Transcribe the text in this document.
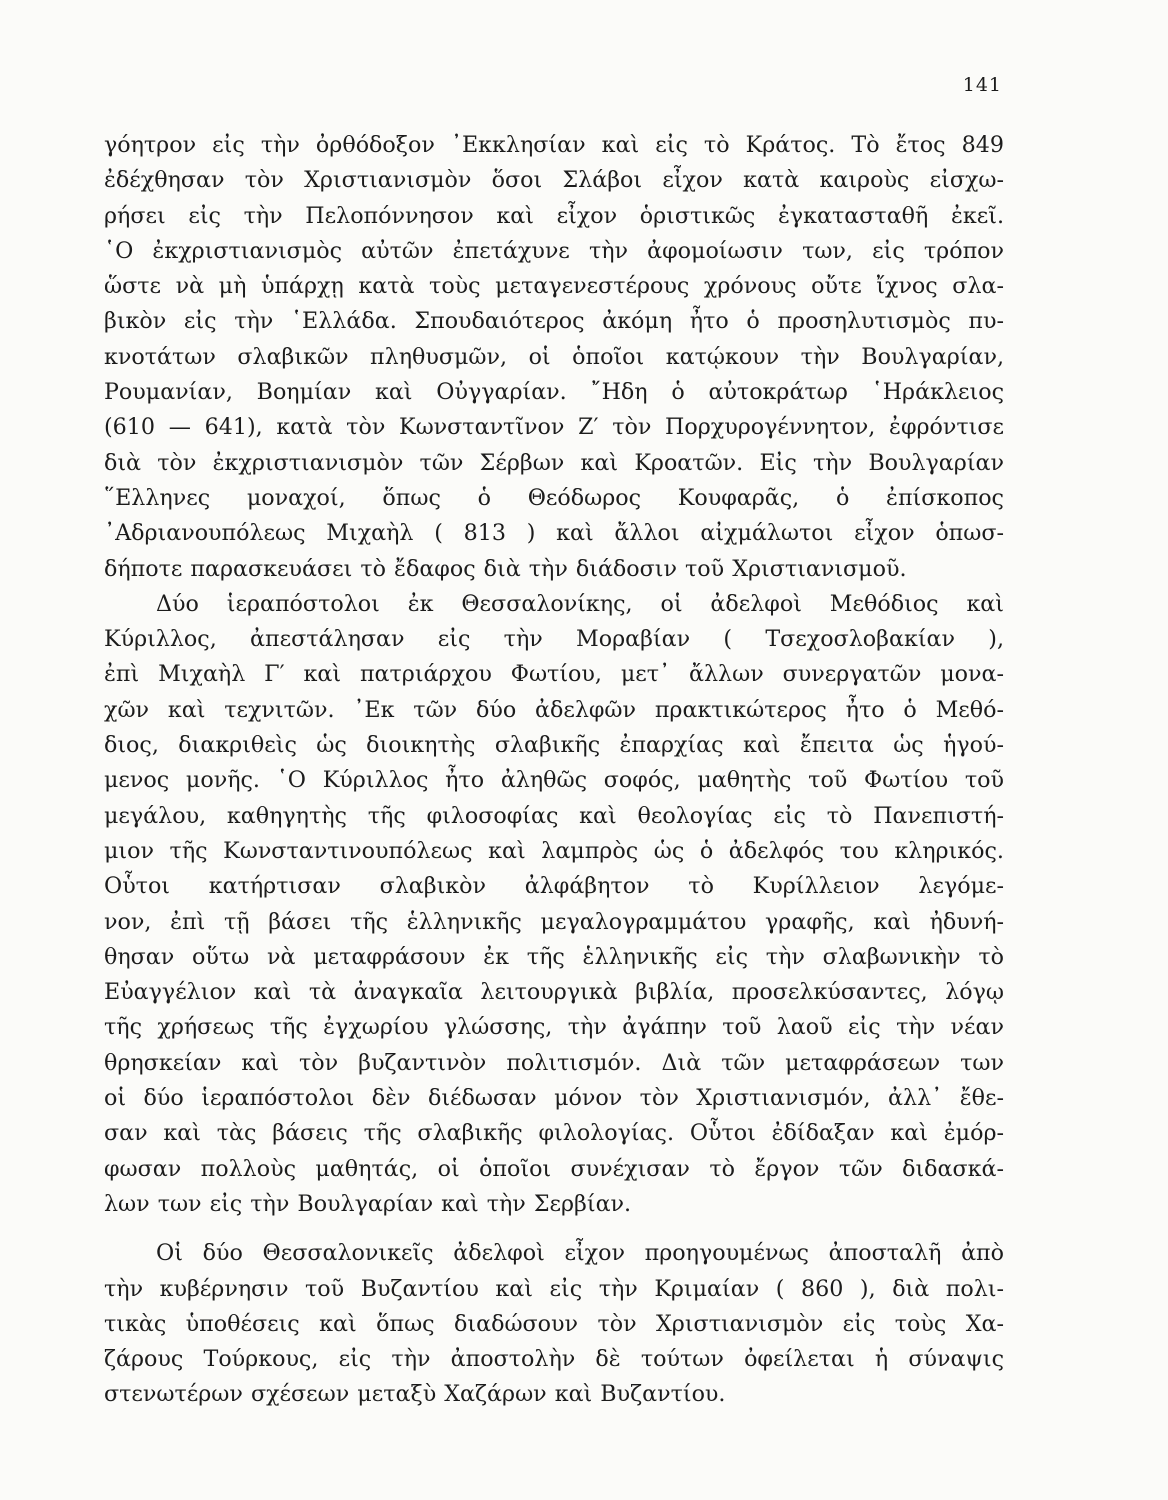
141

γόητρον εἰς τὴν ὀρθόδοξον ᾿Εκκλησίαν καὶ εἰς τὸ Κράτος. Τὸ ἔτος 849
ἐδέχθησαν τὸν Χριστιανισμὸν ὅσοι Σλάβοι εἶχον κατὰ καιροὺς εἰσχω-
ρήσει εἰς τὴν Πελοπόννησον καὶ εἶχον ὁριστικῶς ἐγκατασταθῆ ἐκεῖ.
῾Ο ἐκχριστιανισμὸς αὐτῶν ἐπετάχυνε τὴν ἀφομοίωσιν των, εἰς τρόπον
ὥστε νὰ μὴ ὑπάρχῃ κατὰ τοὺς μεταγενεστέρους χρόνους οὔτε ἴχνος σλα-
βικὸν εἰς τὴν ῾Ελλάδα. Σπουδαιότερος ἀκόμη ἦτο ὁ προσηλυτισμὸς πυ-
κνοτάτων σλαβικῶν πληθυσμῶν, οἱ ὁποῖοι κατῴκουν τὴν Βουλγαρίαν,
Ρουμανίαν, Βοημίαν καὶ Οὐγγαρίαν. ῎Ηδη ὁ αὐτοκράτωρ ῾Ηράκλειος
(610 — 641), κατὰ τὸν Κωνσταντῖνον Ζ′ τὸν Πορχυρογέννητον, ἐφρόντισε
διὰ τὸν ἐκχριστιανισμὸν τῶν Σέρβων καὶ Κροατῶν. Εἰς τὴν Βουλγαρίαν
῞Ελληνες μοναχοί, ὅπως ὁ Θεόδωρος Κουφαρᾶς, ὁ ἐπίσκοπος
᾿Αδριανουπόλεως Μιχαὴλ ( 813 ) καὶ ἄλλοι αἰχμάλωτοι εἶχον ὁπωσ-
δήποτε παρασκευάσει τὸ ἔδαφος διὰ τὴν διάδοσιν τοῦ Χριστιανισμοῦ.

Δύο ἱεραπόστολοι ἐκ Θεσσαλονίκης, οἱ ἀδελφοὶ Μεθόδιος καὶ
Κύριλλος, ἀπεστάλησαν εἰς τὴν Μοραβίαν ( Τσεχοσλοβακίαν ),
ἐπὶ Μιχαὴλ Γ′ καὶ πατριάρχου Φωτίου, μετ᾿ ἄλλων συνεργατῶν μονα-
χῶν καὶ τεχνιτῶν. ᾿Εκ τῶν δύο ἀδελφῶν πρακτικώτερος ἦτο ὁ Μεθό-
διος, διακριθεὶς ὡς διοικητὴς σλαβικῆς ἐπαρχίας καὶ ἔπειτα ὡς ἡγού-
μενος μονῆς. ῾Ο Κύριλλος ἦτο ἀληθῶς σοφός, μαθητὴς τοῦ Φωτίου τοῦ
μεγάλου, καθηγητὴς τῆς φιλοσοφίας καὶ θεολογίας εἰς τὸ Πανεπιστή-
μιον τῆς Κωνσταντινουπόλεως καὶ λαμπρὸς ὡς ὁ ἀδελφός του κληρικός.
Οὗτοι κατήρτισαν σλαβικὸν ἀλφάβητον τὸ Κυρίλλειον λεγόμε-
νον, ἐπὶ τῇ βάσει τῆς ἑλληνικῆς μεγαλογραμμάτου γραφῆς, καὶ ἠδυνή-
θησαν οὕτω νὰ μεταφράσουν ἐκ τῆς ἑλληνικῆς εἰς τὴν σλαβωνικὴν τὸ
Εὐαγγέλιον καὶ τὰ ἀναγκαῖα λειτουργικὰ βιβλία, προσελκύσαντες, λόγῳ
τῆς χρήσεως τῆς ἐγχωρίου γλώσσης, τὴν ἀγάπην τοῦ λαοῦ εἰς τὴν νέαν
θρησκείαν καὶ τὸν βυζαντινὸν πολιτισμόν. Διὰ τῶν μεταφράσεων των
οἱ δύο ἱεραπόστολοι δὲν διέδωσαν μόνον τὸν Χριστιανισμόν, ἀλλ᾿ ἔθε-
σαν καὶ τὰς βάσεις τῆς σλαβικῆς φιλολογίας. Οὗτοι ἐδίδαξαν καὶ ἐμόρ-
φωσαν πολλοὺς μαθητάς, οἱ ὁποῖοι συνέχισαν τὸ ἔργον τῶν διδασκά-
λων των εἰς τὴν Βουλγαρίαν καὶ τὴν Σερβίαν.

Οἱ δύο Θεσσαλονικεῖς ἀδελφοὶ εἶχον προηγουμένως ἀποσταλῆ ἀπὸ
τὴν κυβέρνησιν τοῦ Βυζαντίου καὶ εἰς τὴν Κριμαίαν ( 860 ), διὰ πολι-
τικὰς ὑποθέσεις καὶ ὅπως διαδώσουν τὸν Χριστιανισμὸν εἰς τοὺς Χα-
ζάρους Τούρκους, εἰς τὴν ἀποστολὴν δὲ τούτων ὀφείλεται ἡ σύναψις
στενωτέρων σχέσεων μεταξὺ Χαζάρων καὶ Βυζαντίου.
